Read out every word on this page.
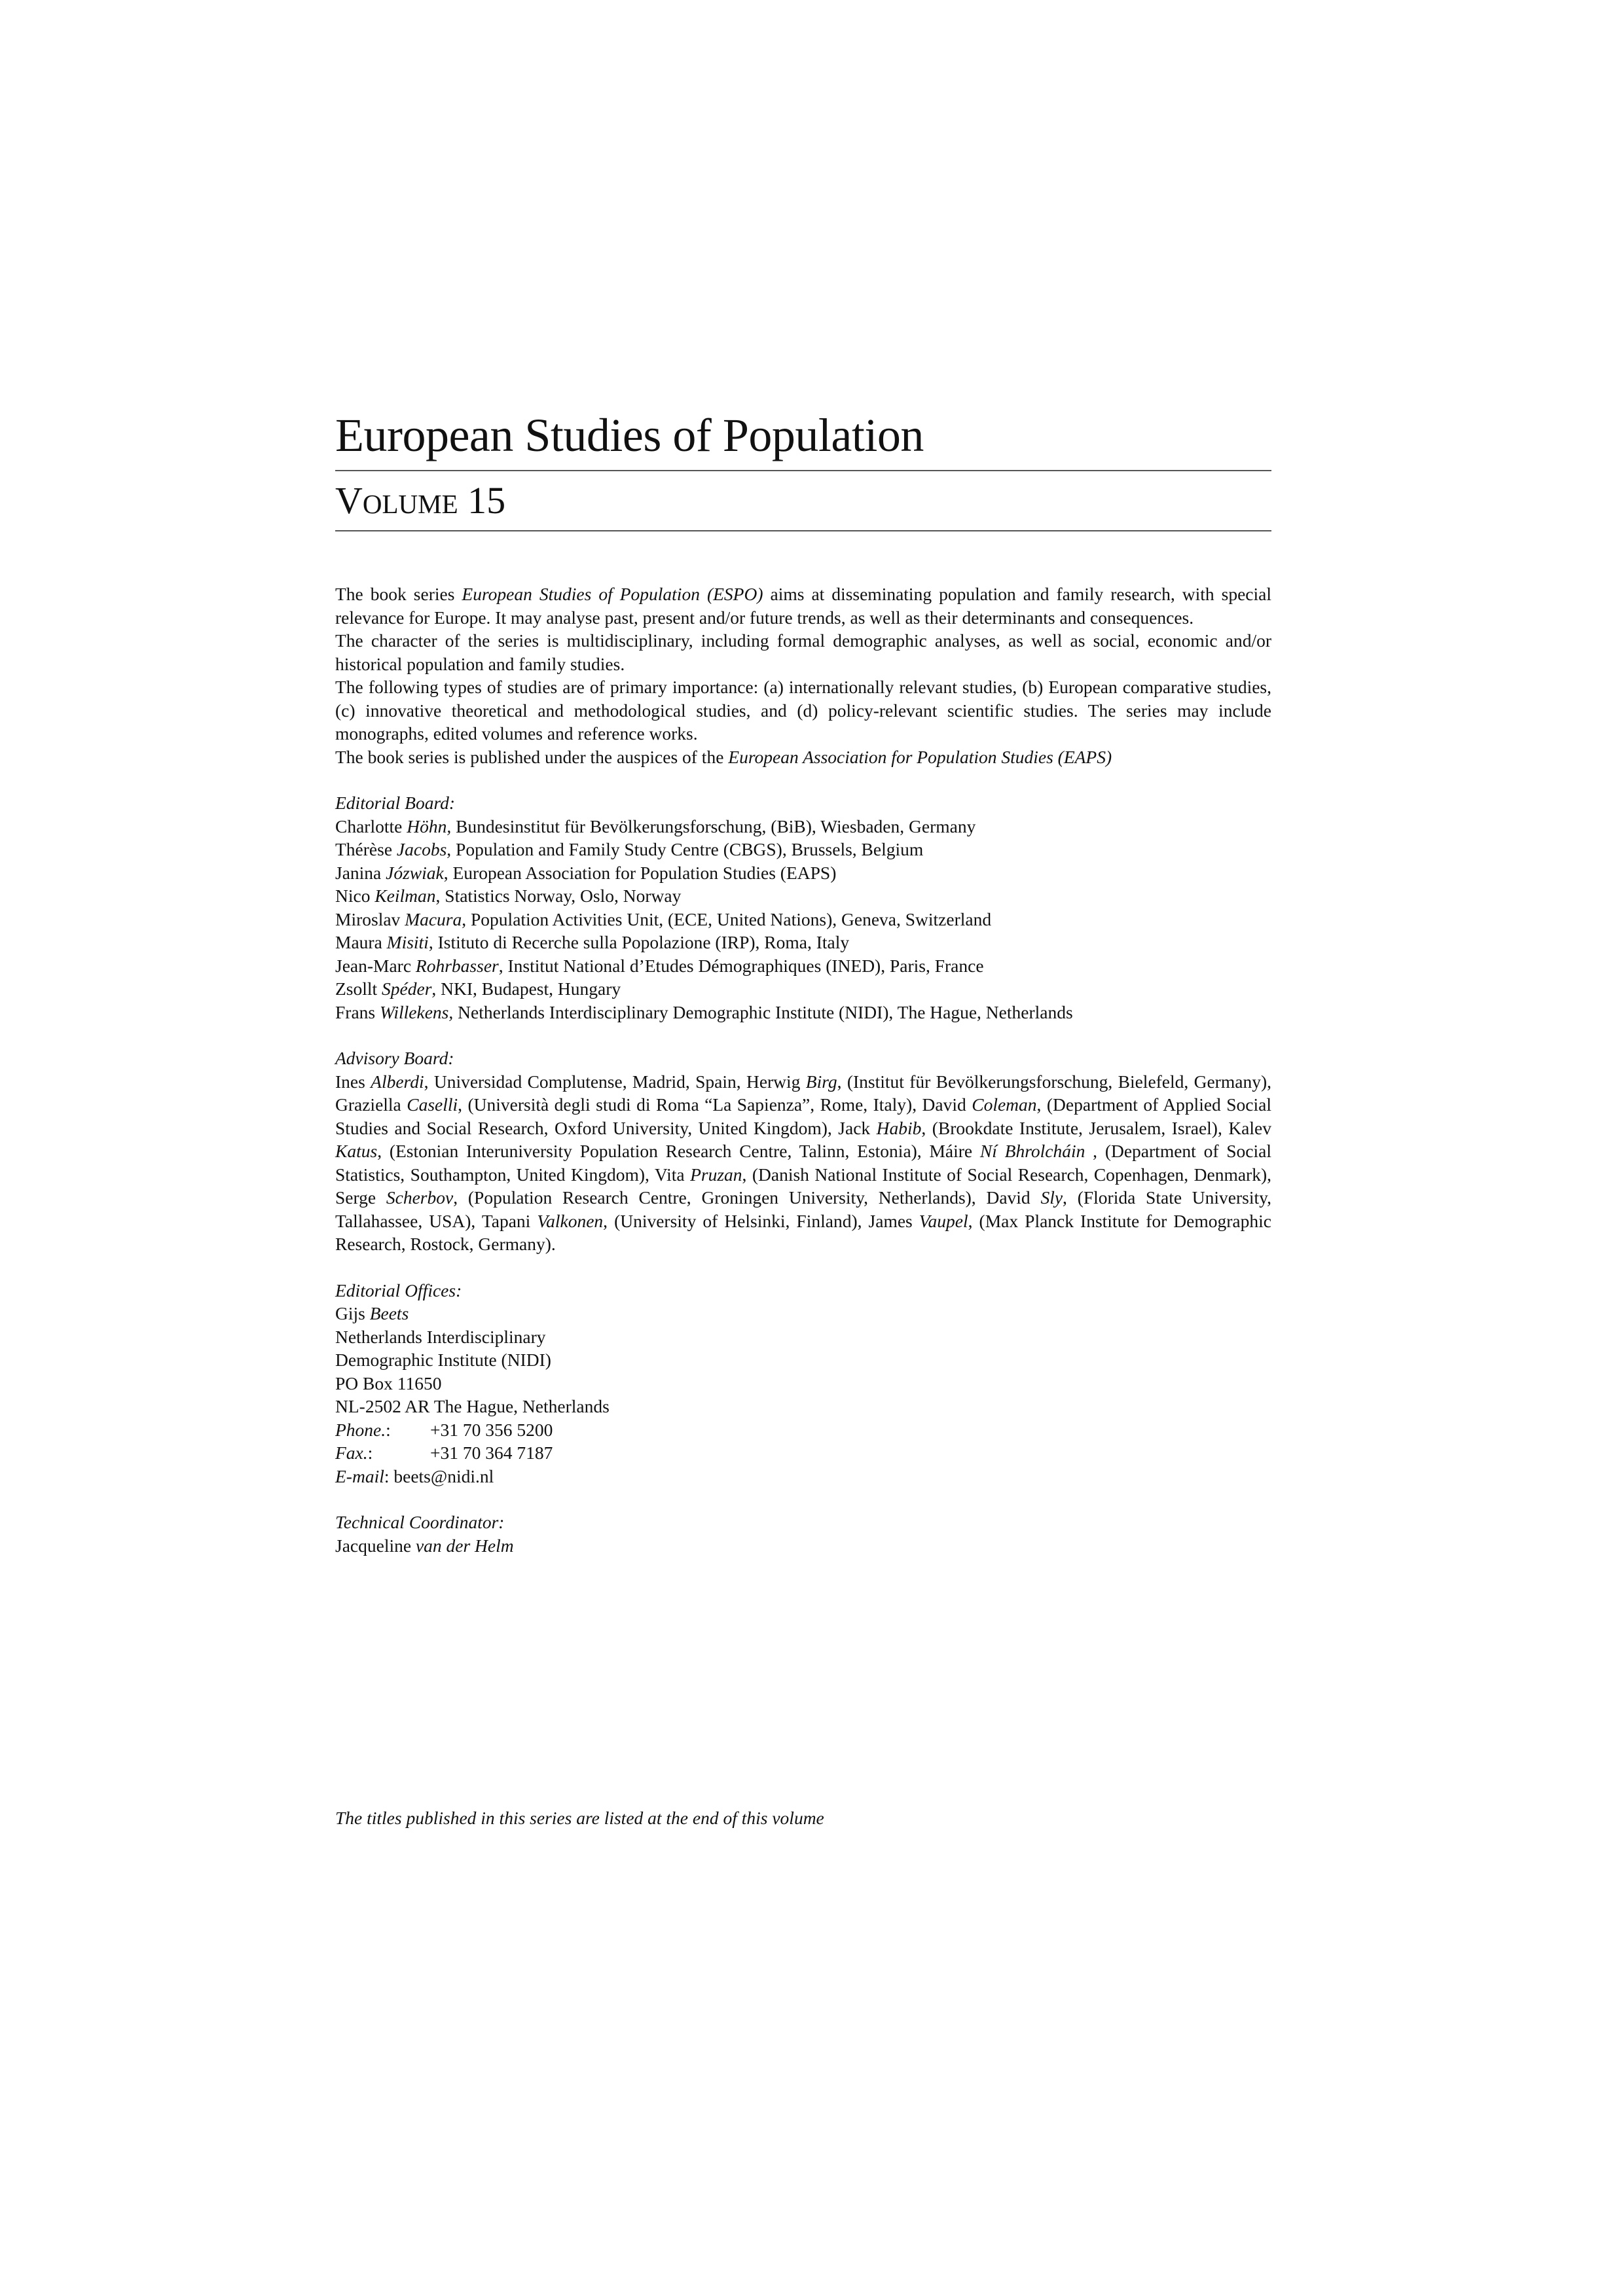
European Studies of Population
Volume 15

The book series European Studies of Population (ESPO) aims at disseminating population and family research, with special relevance for Europe. It may analyse past, present and/or future trends, as well as their determinants and consequences.

The character of the series is multidisciplinary, including formal demographic analyses, as well as social, economic and/or historical population and family studies.

The following types of studies are of primary importance: (a) internationally relevant studies, (b) European comparative studies, (c) innovative theoretical and methodological studies, and (d) policy-relevant scientific studies. The series may include monographs, edited volumes and reference works.

The book series is published under the auspices of the European Association for Population Studies (EAPS)

Editorial Board:

Charlotte Höhn, Bundesinstitut für Bevölkerungsforschung, (BiB), Wiesbaden, Germany

Thérèse Jacobs, Population and Family Study Centre (CBGS), Brussels, Belgium

Janina Józwiak, European Association for Population Studies (EAPS)

Nico Keilman, Statistics Norway, Oslo, Norway

Miroslav Macura, Population Activities Unit, (ECE, United Nations), Geneva, Switzerland

Maura Misiti, Istituto di Recerche sulla Popolazione (IRP), Roma, Italy

Jean-Marc Rohrbasser, Institut National d’Etudes Démographiques (INED), Paris, France

Zsollt Spéder, NKI, Budapest, Hungary

Frans Willekens, Netherlands Interdisciplinary Demographic Institute (NIDI), The Hague, Netherlands

Advisory Board:

Ines Alberdi, Universidad Complutense, Madrid, Spain, Herwig Birg, (Institut für Bevölkerungsforschung, Bielefeld, Germany), Graziella Caselli, (Università degli studi di Roma “La Sapienza”, Rome, Italy), David Coleman, (Department of Applied Social Studies and Social Research, Oxford University, United Kingdom), Jack Habib, (Brookdate Institute, Jerusalem, Israel), Kalev Katus, (Estonian Interuniversity Population Research Centre, Talinn, Estonia), Máire Ní Bhrolcháin , (Department of Social Statistics, Southampton, United Kingdom), Vita Pruzan, (Danish National Institute of Social Research, Copenhagen, Denmark), Serge Scherbov, (Population Research Centre, Groningen University, Netherlands), David Sly, (Florida State University, Tallahassee, USA), Tapani Valkonen, (University of Helsinki, Finland), James Vaupel, (Max Planck Institute for Demographic Research, Rostock, Germany).

Editorial Offices:

Gijs Beets

Netherlands Interdisciplinary

Demographic Institute (NIDI)

PO Box 11650

NL-2502 AR The Hague, Netherlands

Phone.: +31 70 356 5200

Fax.:	+31 70 364 7187

E-mail: beets@nidi.nl

Technical Coordinator:

Jacqueline van der Helm

The titles published in this series are listed at the end of this volume
